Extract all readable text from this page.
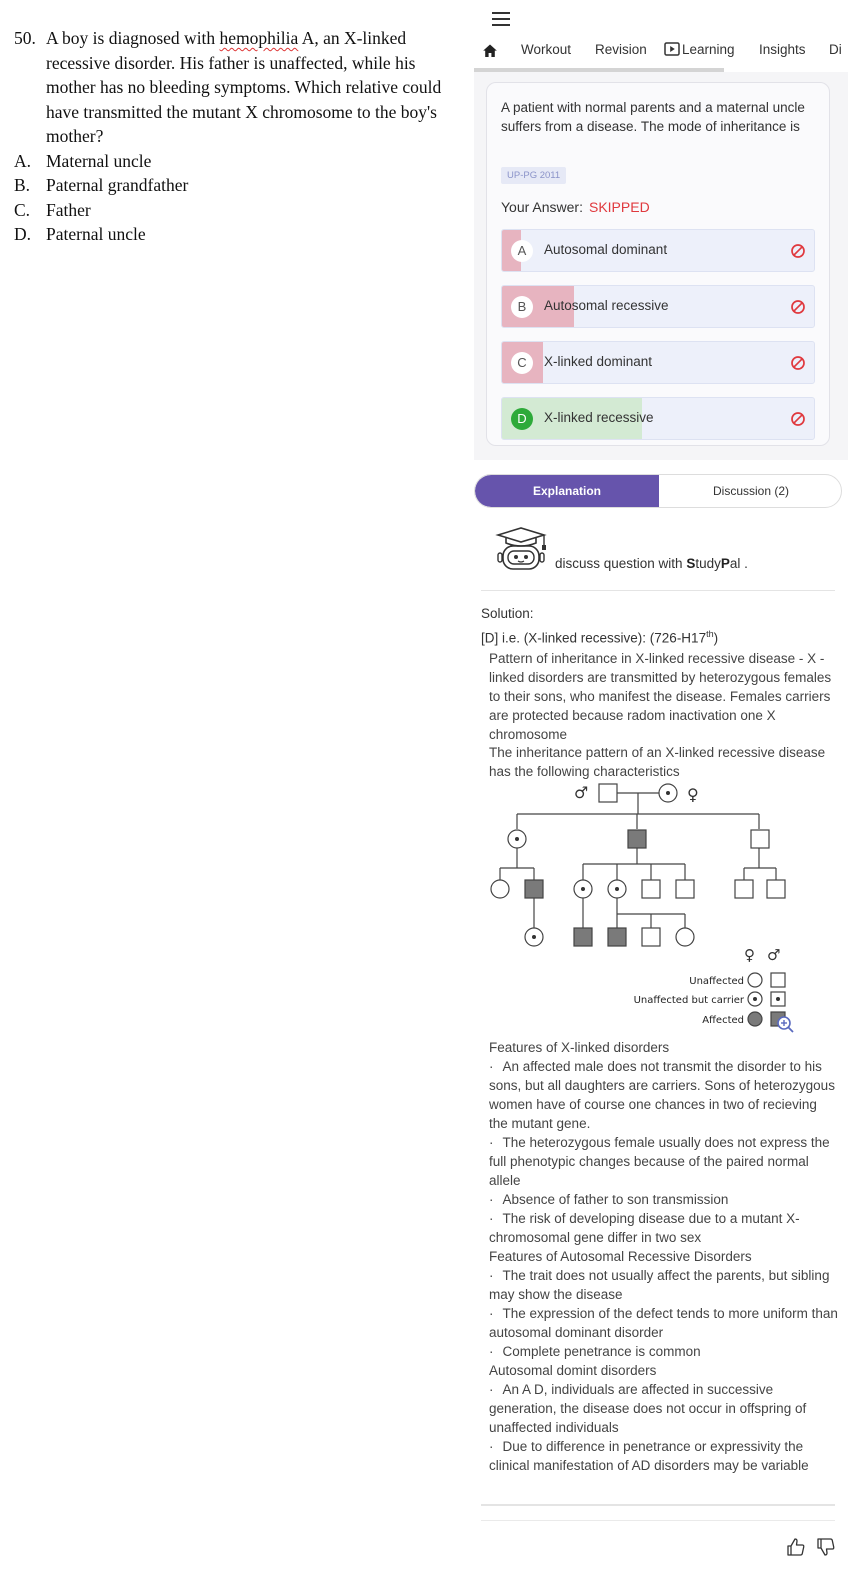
50. A boy is diagnosed with hemophilia A, an X-linked recessive disorder. His father is unaffected, while his mother has no bleeding symptoms. Which relative could have transmitted the mutant X chromosome to the boy's mother?
A. Maternal uncle
B. Paternal grandfather
C. Father
D. Paternal uncle
Workout Revision	Learning Insights Di
A patient with normal parents and a maternal uncle suffers from a disease. The mode of inheritance is
UP-PG 2011
Your Answer: SKIPPED
A	Autosomal dominant
B	Autosomal recessive
C	X-linked dominant
D	X-linked recessive
Explanation	Discussion (2)
discuss question with StudyPal .
Solution:
[D] i.e. (X-linked recessive): (726-H17th)
Pattern of inheritance in X-linked recessive disease - X - linked disorders are transmitted by heterozygous females to their sons, who manifest the disease. Females carriers are protected because radom inactivation one X chromosome
The inheritance pattern of an X-linked recessive disease has the following characteristics
♂	♀
♀ ♂
Unaffected
Unaffected but carrier
Affected
Features of X-linked disorders
· An affected male does not transmit the disorder to his sons, but all daughters are carriers. Sons of heterozygous women have of course one chances in two of recieving the mutant gene.
· The heterozygous female usually does not express the full phenotypic changes because of the paired normal allele
· Absence of father to son transmission
· The risk of developing disease due to a mutant X-chromosomal gene differ in two sex
Features of Autosomal Recessive Disorders
· The trait does not usually affect the parents, but sibling may show the disease
· The expression of the defect tends to more uniform than autosomal dominant disorder
· Complete penetrance is common
Autosomal domint disorders
· An A D, individuals are affected in successive generation, the disease does not occur in offspring of unaffected individuals
· Due to difference in penetrance or expressivity the clinical manifestation of AD disorders may be variable
